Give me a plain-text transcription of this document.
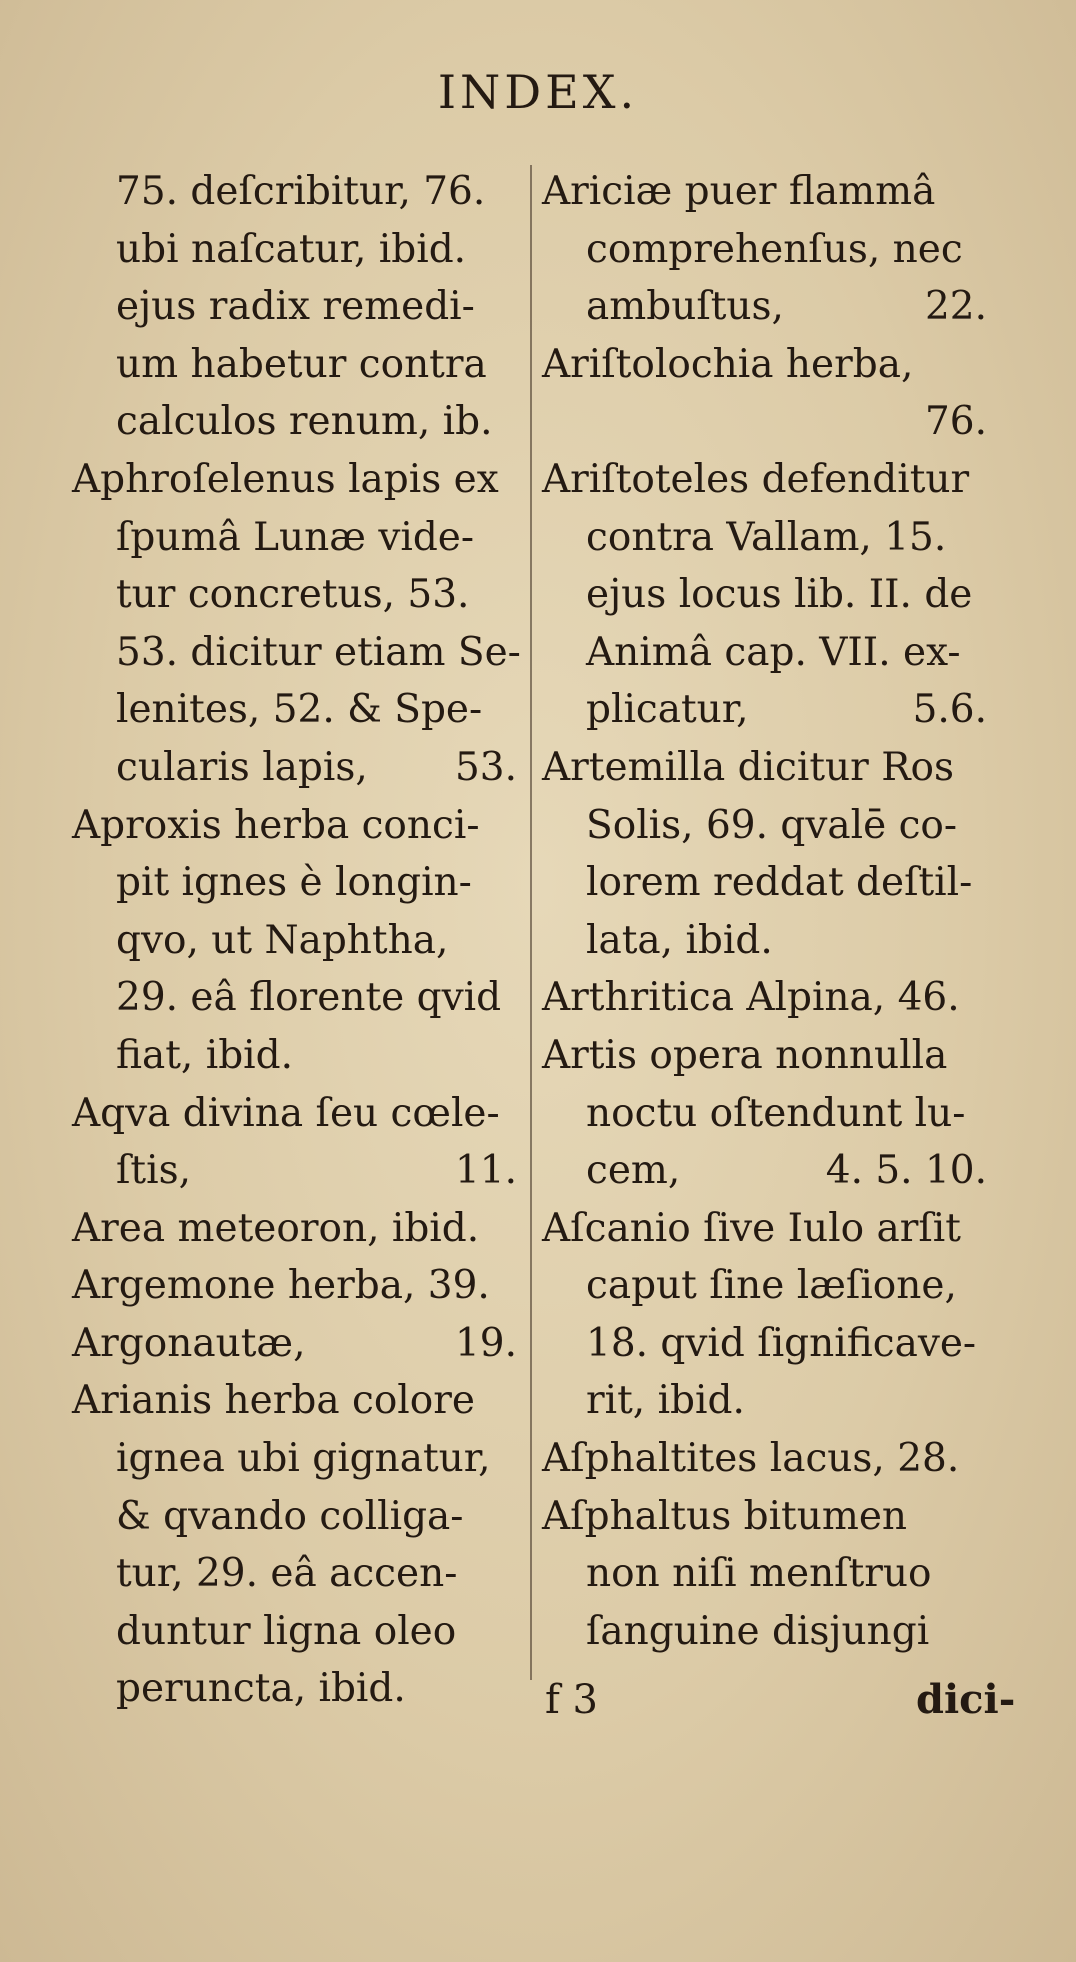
INDEX.
75. deſcribitur, 76.
ubi naſcatur, ibid.
ejus radix remedi-
um habetur contra
calculos renum, ib.
Aphroſelenus lapis ex
ſpumâ Lunæ vide-
tur concretus, 53.
53. dicitur etiam Se-
lenites, 52. & Spe-
cularis lapis, 53.
Aproxis herba conci-
pit ignes è longin-
qvo, ut Naphtha,
29. eâ florente qvid
fiat, ibid.
Aqva divina ſeu cœle-
ſtis,	11.
Area meteoron, ibid.
Argemone herba, 39.
Argonautæ,	19.
Arianis herba colore
ignea ubi gignatur,
& qvando colliga-
tur, 29. eâ accen-
duntur ligna oleo
peruncta, ibid.
Ariciæ puer flammâ
comprehenſus, nec
ambuſtus,	22.
Ariſtolochia herba,
76.
Ariſtoteles defenditur
contra Vallam, 15.
ejus locus lib. II. de
Animâ cap. VII. ex-
plicatur,	5.6.
Artemilla dicitur Ros
Solis, 69. qvalē co-
lorem reddat deſtil-
lata, ibid.
Arthritica Alpina, 46.
Artis opera nonnulla
noctu oſtendunt lu-
cem,	4. 5. 10.
Aſcanio ſive Iulo arſit
caput ſine læſione,
18. qvid ſignificave-
rit, ibid.
Aſphaltites lacus, 28.
Aſphaltus bitumen
non niſi menſtruo
ſanguine disjungi
f 3	dici-
